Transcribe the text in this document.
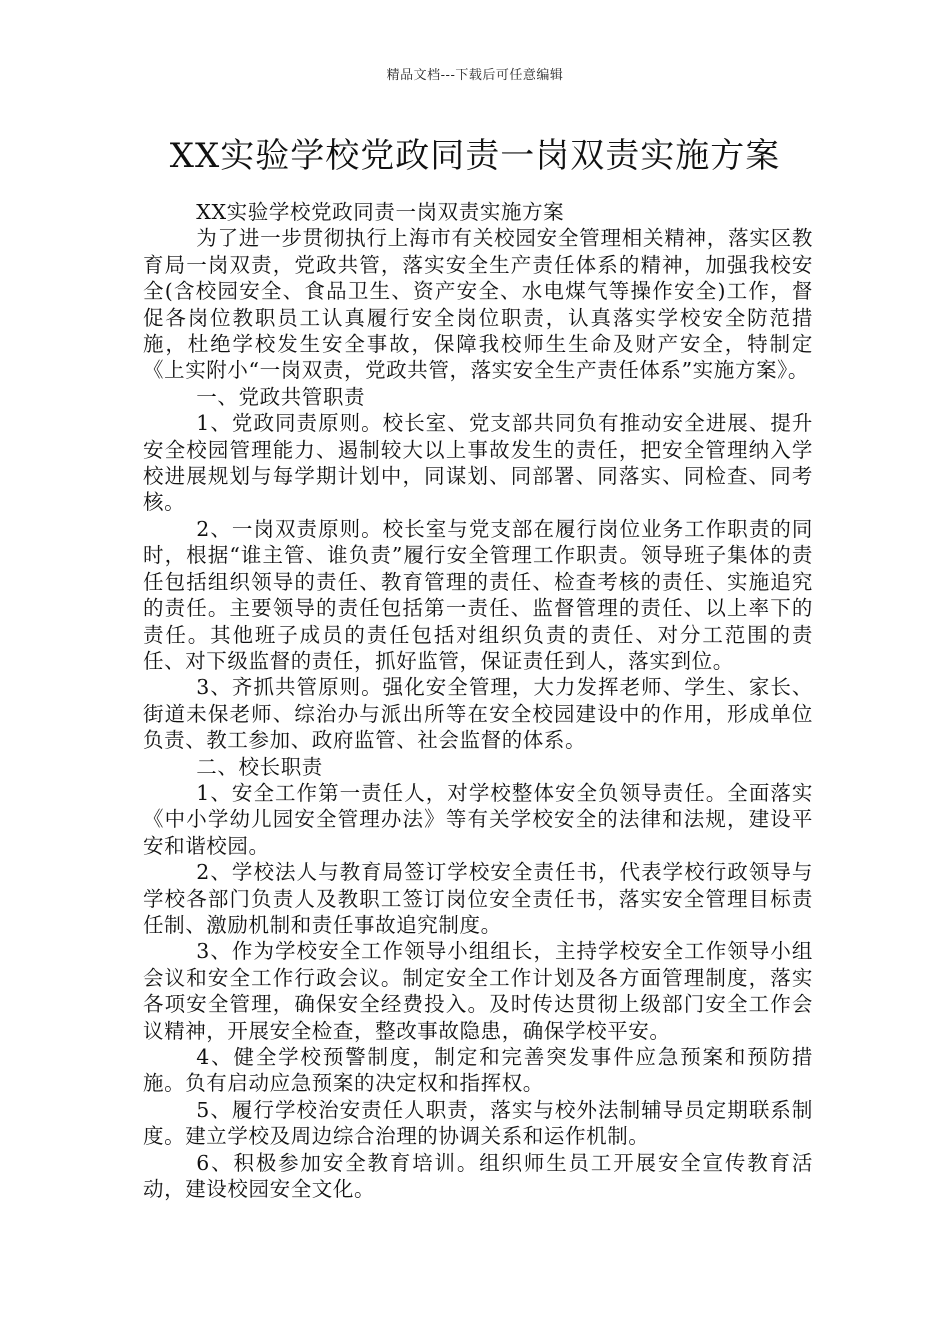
精品文档---下载后可任意编辑
XX实验学校党政同责一岗双责实施方案

XX实验学校党政同责一岗双责实施方案

为了进一步贯彻执行上海市有关校园安全管理相关精神，落实区教育局一岗双责，党政共管，落实安全生产责任体系的精神，加强我校安全(含校园安全、食品卫生、资产安全、水电煤气等操作安全)工作，督促各岗位教职员工认真履行安全岗位职责，认真落实学校安全防范措施，杜绝学校发生安全事故，保障我校师生生命及财产安全，特制定《上实附小“一岗双责，党政共管，落实安全生产责任体系”实施方案》。

一、党政共管职责

1、党政同责原则。校长室、党支部共同负有推动安全进展、提升安全校园管理能力、遏制较大以上事故发生的责任，把安全管理纳入学校进展规划与每学期计划中，同谋划、同部署、同落实、同检查、同考核。

2、一岗双责原则。校长室与党支部在履行岗位业务工作职责的同时，根据“谁主管、谁负责”履行安全管理工作职责。领导班子集体的责任包括组织领导的责任、教育管理的责任、检查考核的责任、实施追究的责任。主要领导的责任包括第一责任、监督管理的责任、以上率下的责任。其他班子成员的责任包括对组织负责的责任、对分工范围的责任、对下级监督的责任，抓好监管，保证责任到人，落实到位。

3、齐抓共管原则。强化安全管理，大力发挥老师、学生、家长、街道未保老师、综治办与派出所等在安全校园建设中的作用，形成单位负责、教工参加、政府监管、社会监督的体系。

二、校长职责

1、安全工作第一责任人，对学校整体安全负领导责任。全面落实《中小学幼儿园安全管理办法》等有关学校安全的法律和法规，建设平安和谐校园。

2、学校法人与教育局签订学校安全责任书，代表学校行政领导与学校各部门负责人及教职工签订岗位安全责任书，落实安全管理目标责任制、激励机制和责任事故追究制度。

3、作为学校安全工作领导小组组长，主持学校安全工作领导小组会议和安全工作行政会议。制定安全工作计划及各方面管理制度，落实各项安全管理，确保安全经费投入。及时传达贯彻上级部门安全工作会议精神，开展安全检查，整改事故隐患，确保学校平安。

4、健全学校预警制度，制定和完善突发事件应急预案和预防措施。负有启动应急预案的决定权和指挥权。

5、履行学校治安责任人职责，落实与校外法制辅导员定期联系制度。建立学校及周边综合治理的协调关系和运作机制。

6、积极参加安全教育培训。组织师生员工开展安全宣传教育活动，建设校园安全文化。
